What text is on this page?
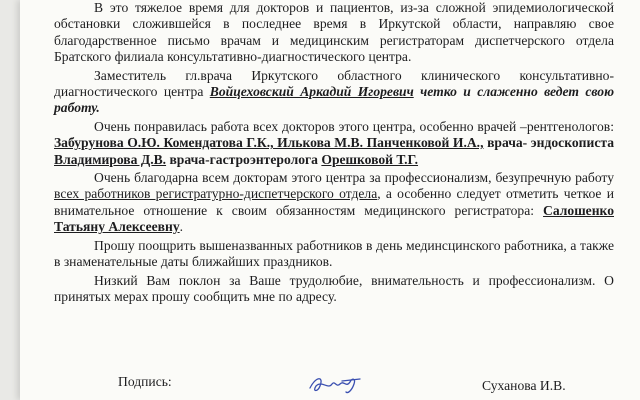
В это тяжелое время для докторов и пациентов, из-за сложной эпидемиологической обстановки сложившейся в последнее время в Иркутской области, направляю свое благодарственное письмо врачам и медицинским регистраторам диспетчерского отдела Братского филиала консультативно-диагностического центра.

Заместитель гл.врача Иркутского областного клинического консультативно- диагностического центра Войцеховский Аркадий Игоревич четко и слаженно ведет свою работу.

Очень понравилась работа всех докторов этого центра, особенно врачей –рентгенологов: Забурунова О.Ю. Комендатова Г.К., Илькова М.В. Панченковой И.А., врача- эндоскописта Владимирова Д.В. врача-гастроэнтеролога Орешковой Т.Г.

Очень благодарна всем докторам этого центра за профессионализм, безупречную работу всех работников регистратурно-диспетчерского отдела, а особенно следует отметить четкое и внимательное отношение к своим обязанностям медицинского регистратора: Салошенко Татьяну Алексеевну.

Прошу поощрить вышеназванных работников в день мединсцинского работника, а также в знаменательные даты ближайших праздников.

Низкий Вам поклон за Ваше трудолюбие, внимательность и профессионализм. О принятых мерах прошу сообщить мне по адресу.

Подпись:	Суханова И.В.
